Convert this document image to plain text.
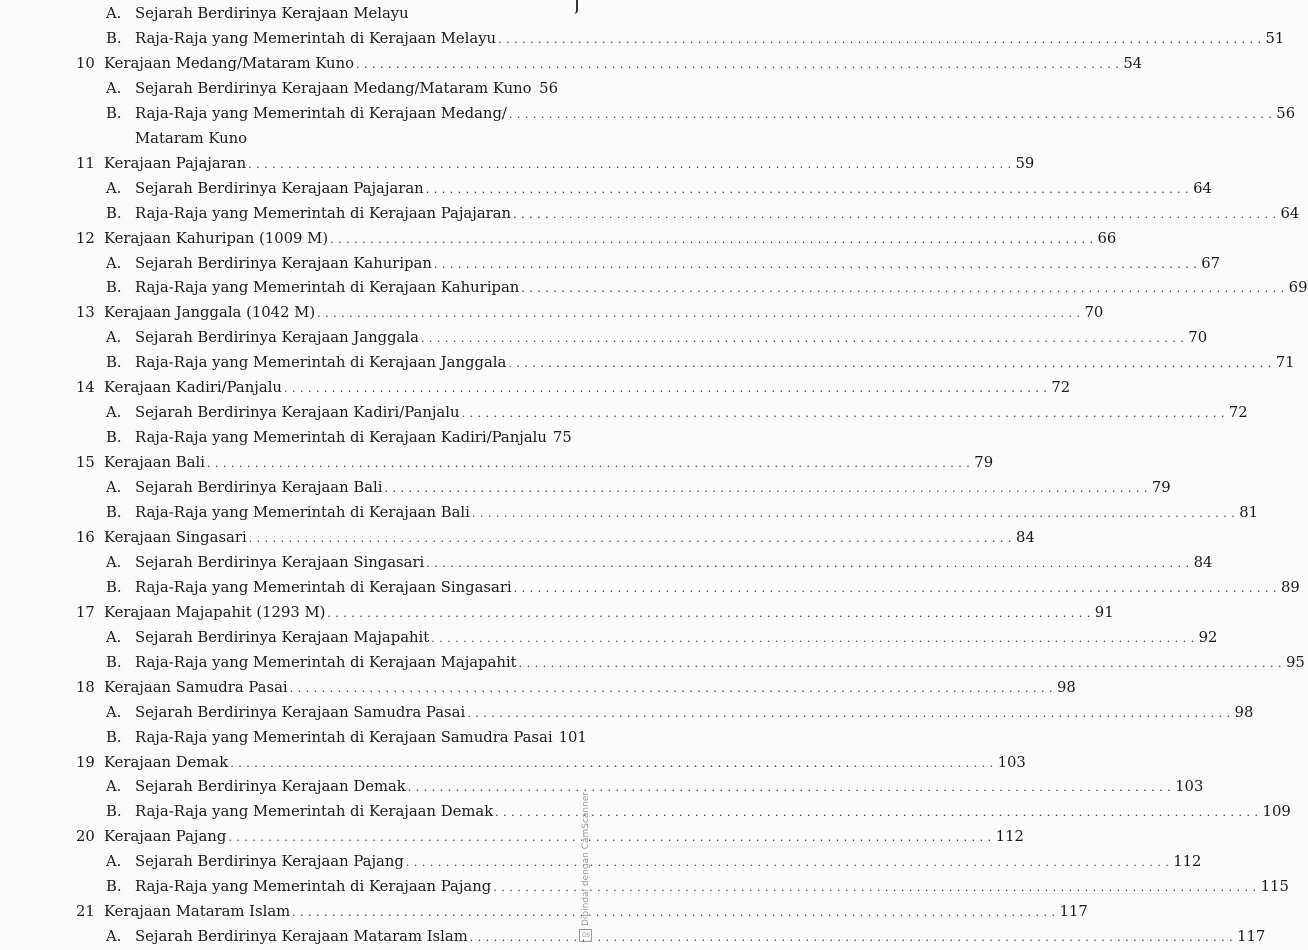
A. Sejarah Berdirinya Kerajaan Melayu
B. Raja-Raja yang Memerintah di Kerajaan Melayu . . .	51
10 Kerajaan Medang/Mataram Kuno . . .	54
A. Sejarah Berdirinya Kerajaan Medang/Mataram Kuno . . . 56
B. Raja-Raja yang Memerintah di Kerajaan Medang/ . . .	56
Mataram Kuno
11 Kerajaan Pajajaran . . .	59
A. Sejarah Berdirinya Kerajaan Pajajaran . . .	64
B. Raja-Raja yang Memerintah di Kerajaan Pajajaran . . .	64
12 Kerajaan Kahuripan (1009 M) . . .	66
A. Sejarah Berdirinya Kerajaan Kahuripan . . .	67
B. Raja-Raja yang Memerintah di Kerajaan Kahuripan . . .	69
13 Kerajaan Janggala (1042 M) . . .	70
A. Sejarah Berdirinya Kerajaan Janggala . . .	70
B. Raja-Raja yang Memerintah di Kerajaan Janggala . . .	71
14 Kerajaan Kadiri/Panjalu . . .	72
A. Sejarah Berdirinya Kerajaan Kadiri/Panjalu . . .	72
B. Raja-Raja yang Memerintah di Kerajaan Kadiri/Panjalu 75
15 Kerajaan Bali . . .	79
A. Sejarah Berdirinya Kerajaan Bali . . .	79
B. Raja-Raja yang Memerintah di Kerajaan Bali . . .	81
16 Kerajaan Singasari . . .	84
A. Sejarah Berdirinya Kerajaan Singasari . . .	84
B. Raja-Raja yang Memerintah di Kerajaan Singasari . . .	89
17 Kerajaan Majapahit (1293 M) . . .	91
A. Sejarah Berdirinya Kerajaan Majapahit . . .	92
B. Raja-Raja yang Memerintah di Kerajaan Majapahit . . .	95
18 Kerajaan Samudra Pasai . . .	98
A. Sejarah Berdirinya Kerajaan Samudra Pasai . . .	98
B. Raja-Raja yang Memerintah di Kerajaan Samudra Pasai 101
19 Kerajaan Demak . . .	103
A. Sejarah Berdirinya Kerajaan Demak . . .	103
B. Raja-Raja yang Memerintah di Kerajaan Demak . . .	109
20 Kerajaan Pajang . . .	112
A. Sejarah Berdirinya Kerajaan Pajang . . .	112
B. Raja-Raja yang Memerintah di Kerajaan Pajang . . .	115
21 Kerajaan Mataram Islam . . .	117
A. Sejarah Berdirinya Kerajaan Mataram Islam . . .	117
CS
Dipindai dengan CamScanner
